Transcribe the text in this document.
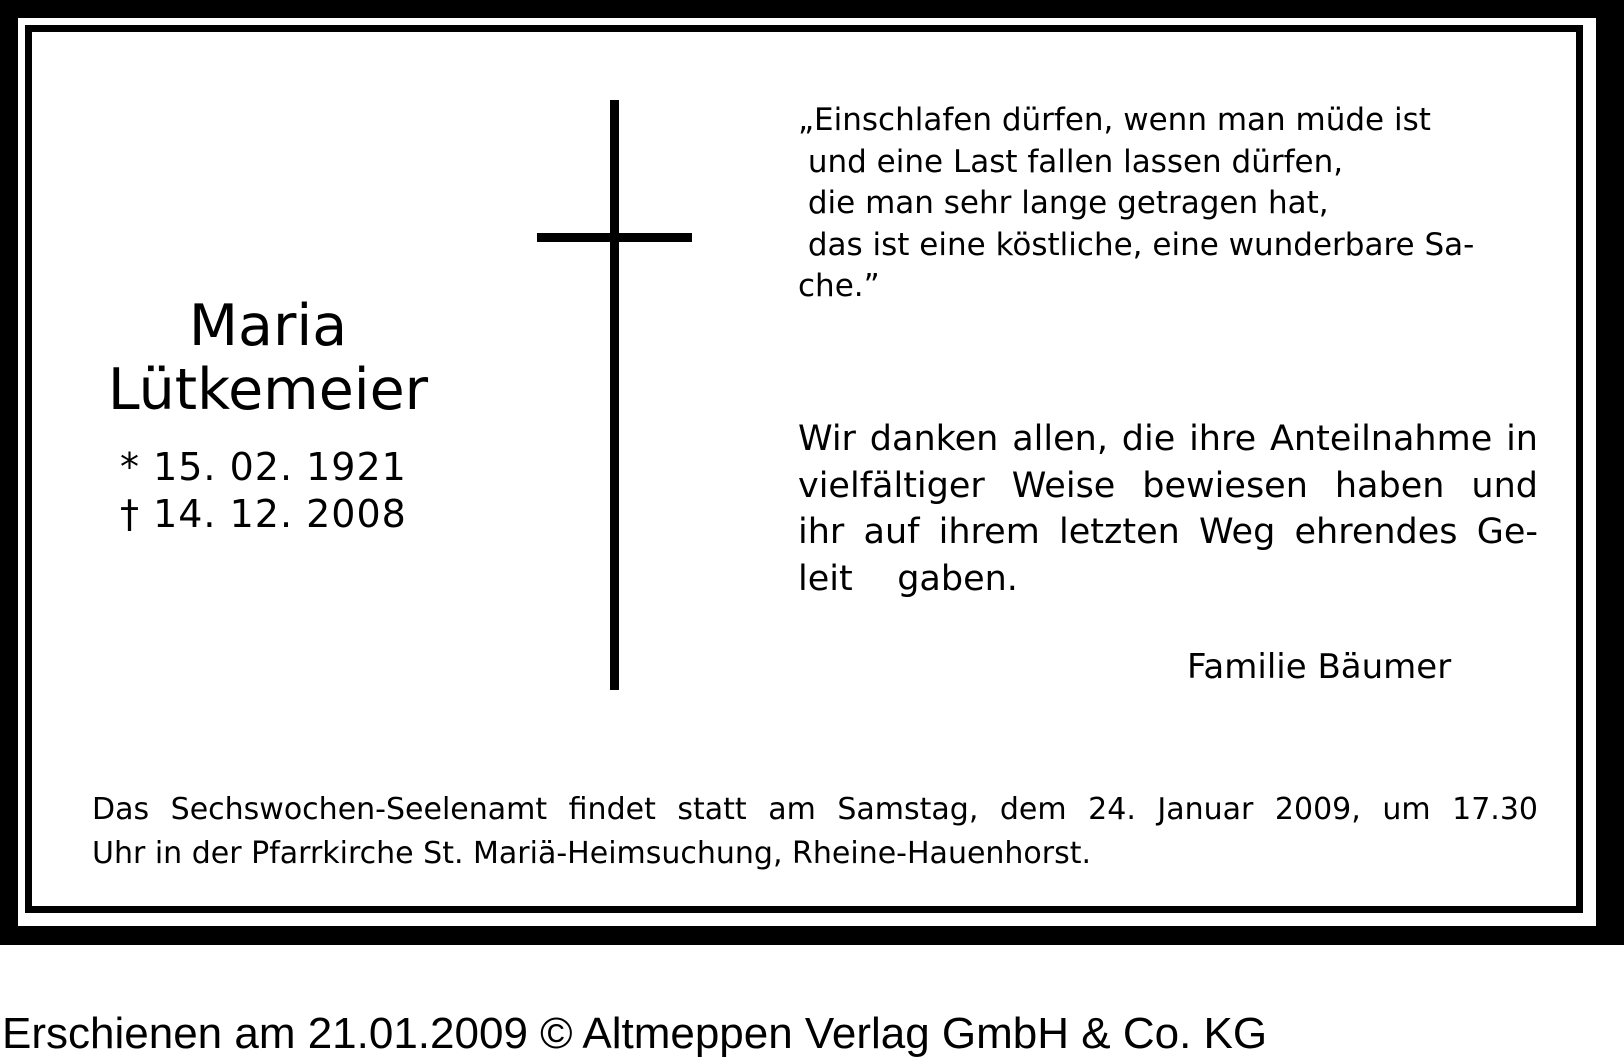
Maria
Lütkemeier
* 15. 02. 1921
† 14. 12. 2008
„Einschlafen dürfen, wenn man müde ist
und eine Last fallen lassen dürfen,
die man sehr lange getragen hat,
das ist eine köstliche, eine wunderbare Sa-
che.”
Wir danken allen, die ihre Anteilnahme in
vielfältiger Weise bewiesen haben und
ihr auf ihrem letzten Weg ehrendes Ge-
leit    gaben.
Familie Bäumer
Das Sechswochen-Seelenamt findet statt am Samstag, dem 24. Januar 2009, um 17.30
Uhr in der Pfarrkirche St. Mariä-Heimsuchung, Rheine-Hauenhorst.
Erschienen am 21.01.2009 © Altmeppen Verlag GmbH & Co. KG
